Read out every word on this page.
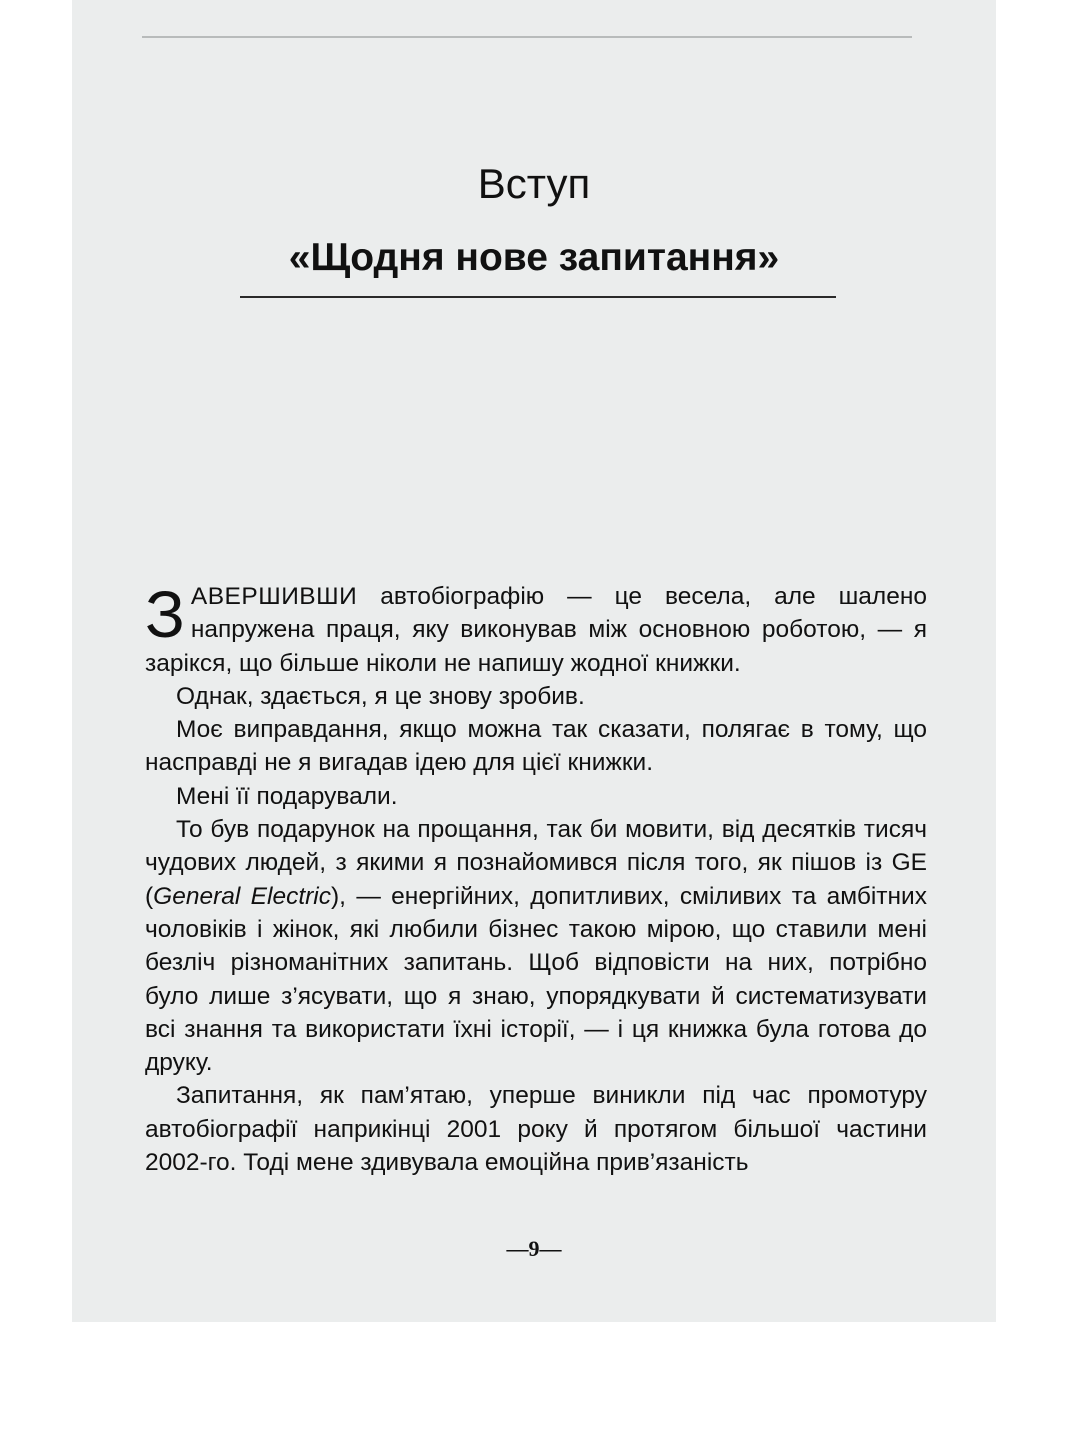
Вступ
«Щодня нове запитання»

ЗАВЕРШИВШИ автобіографію — це весела, але шалено напружена праця, яку виконував між основною роботою, — я зарікся, що більше ніколи не напишу жодної книжки.

Однак, здається, я це знову зробив.

Моє виправдання, якщо можна так сказати, полягає в тому, що насправді не я вигадав ідею для цієї книжки.

Мені її подарували.

То був подарунок на прощання, так би мовити, від десятків тисяч чудових людей, з якими я познайомився після того, як пішов із GE (General Electric), — енергійних, допитливих, сміливих та амбітних чоловіків і жінок, які любили бізнес такою мірою, що ставили мені безліч різноманітних запитань. Щоб відповісти на них, потрібно було лише з’ясувати, що я знаю, упорядкувати й систематизувати всі знання та використати їхні історії, — і ця книжка була готова до друку.

Запитання, як пам’ятаю, уперше виникли під час промотуру автобіографії наприкінці 2001 року й протягом більшої частини 2002-го. Тоді мене здивувала емоційна прив’язаність

—9—
